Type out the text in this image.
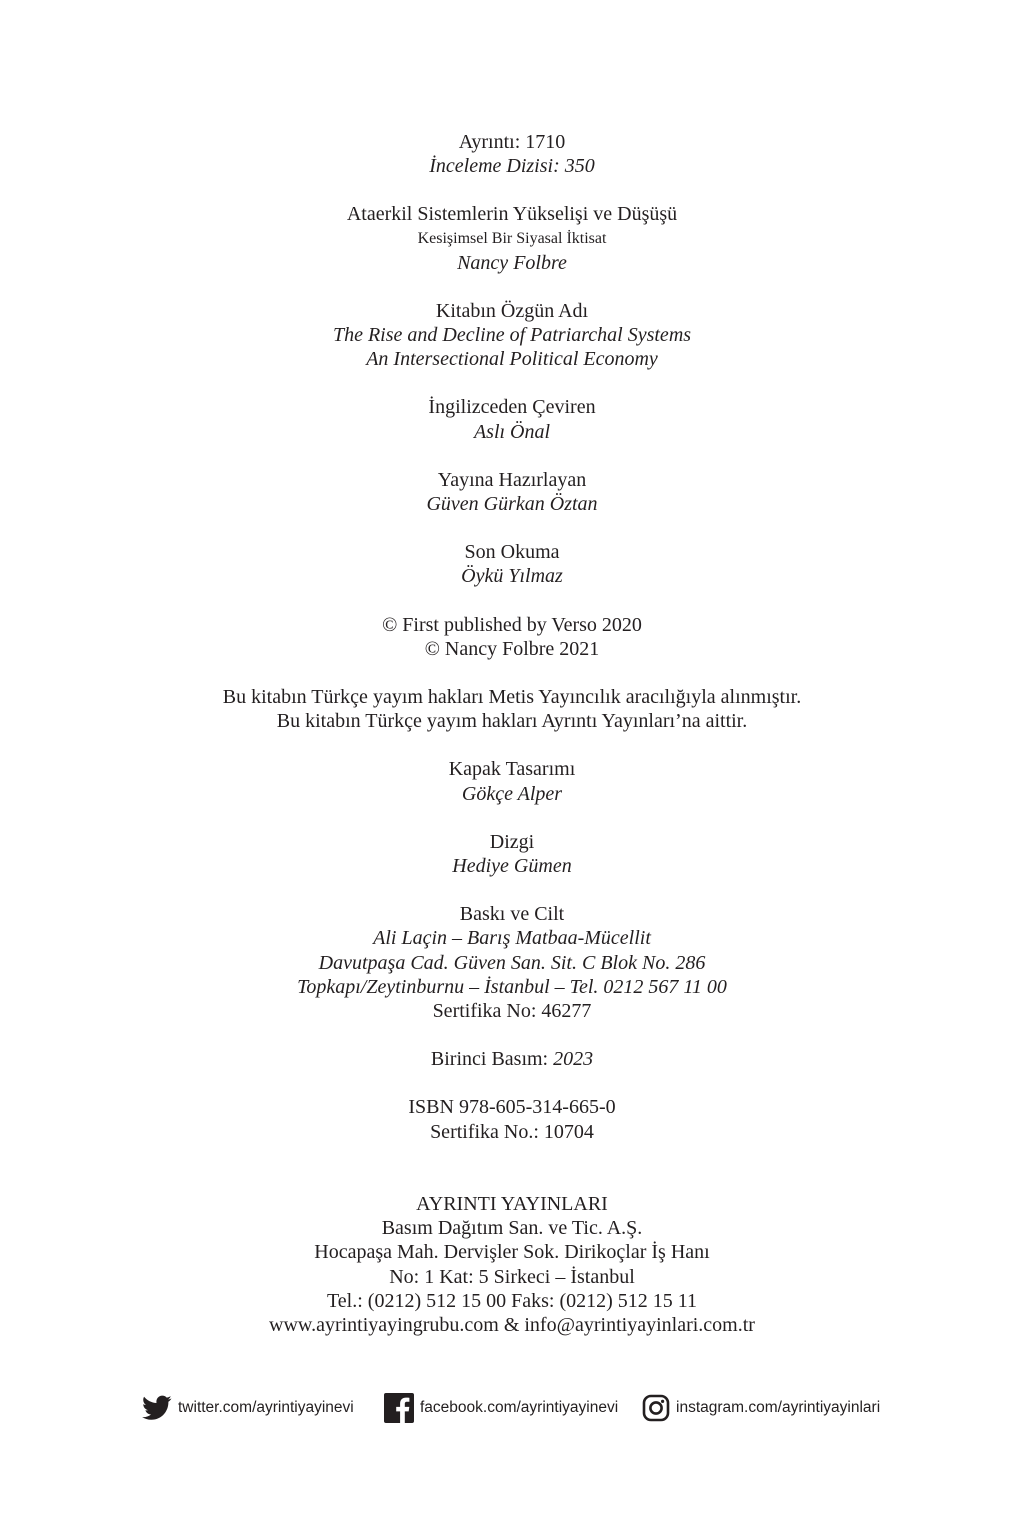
Ayrıntı: 1710
İnceleme Dizisi: 350
Ataerkil Sistemlerin Yükselişi ve Düşüşü
Kesişimsel Bir Siyasal İktisat
Nancy Folbre
Kitabın Özgün Adı
The Rise and Decline of Patriarchal Systems
An Intersectional Political Economy
İngilizceden Çeviren
Aslı Önal
Yayına Hazırlayan
Güven Gürkan Öztan
Son Okuma
Öykü Yılmaz
© First published by Verso 2020
© Nancy Folbre 2021
Bu kitabın Türkçe yayım hakları Metis Yayıncılık aracılığıyla alınmıştır.
Bu kitabın Türkçe yayım hakları Ayrıntı Yayınları’na aittir.
Kapak Tasarımı
Gökçe Alper
Dizgi
Hediye Gümen
Baskı ve Cilt
Ali Laçin – Barış Matbaa-Mücellit
Davutpaşa Cad. Güven San. Sit. C Blok No. 286
Topkapı/Zeytinburnu – İstanbul – Tel. 0212 567 11 00
Sertifika No: 46277
Birinci Basım: 2023
ISBN 978-605-314-665-0
Sertifika No.: 10704
AYRINTI YAYINLARI
Basım Dağıtım San. ve Tic. A.Ş.
Hocapaşa Mah. Dervişler Sok. Dirikoçlar İş Hanı
No: 1 Kat: 5 Sirkeci – İstanbul
Tel.: (0212) 512 15 00 Faks: (0212) 512 15 11
www.ayrintiyayingrubu.com & info@ayrintiyayinlari.com.tr
twitter.com/ayrintiyayinevi	facebook.com/ayrintiyayinevi	instagram.com/ayrintiyayinlari
